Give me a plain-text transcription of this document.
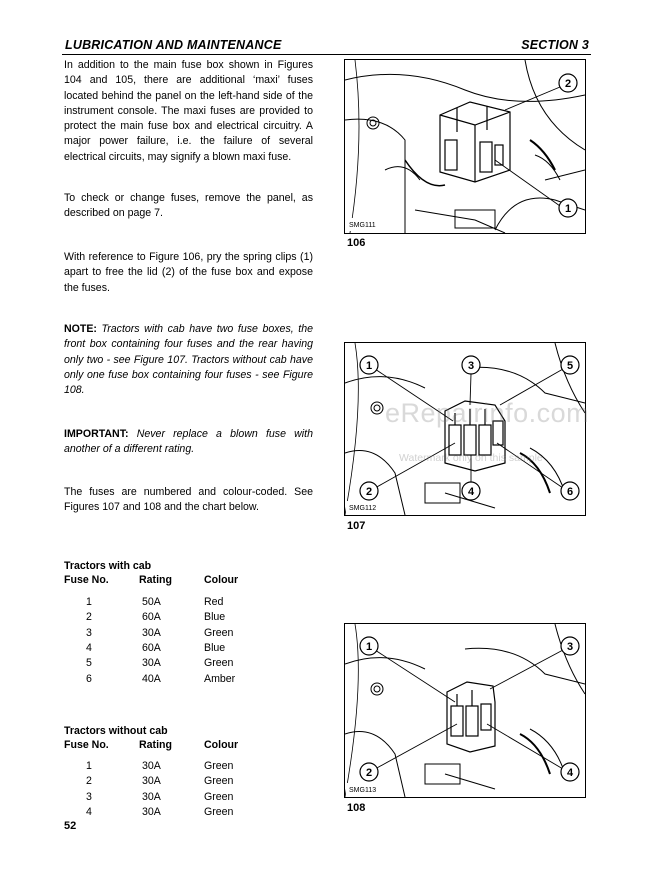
LUBRICATION AND MAINTENANCE	SECTION 3

In addition to the main fuse box shown in Figures 104 and 105, there are additional ‘maxi’ fuses located behind the panel on the left-hand side of the instrument console. The maxi fuses are provided to protect the main fuse box and electrical circuitry. A major power failure, i.e. the failure of several electrical circuits, may signify a blown maxi fuse.

To check or change fuses, remove the panel, as described on page 7.

With reference to Figure 106, pry the spring clips (1) apart to free the lid (2) of the fuse box and expose the fuses.

NOTE: Tractors with cab have two fuse boxes, the front box containing four fuses and the rear having only two - see Figure 107. Tractors without cab have only one fuse box containing four fuses - see Figure 108.

IMPORTANT: Never replace a blown fuse with another of a different rating.

The fuses are numbered and colour-coded. See Figures 107 and 108 and the chart below.

Tractors with cab
Fuse No.	Rating	Colour
1	50A	Red
2	60A	Blue
3	30A	Green
4	60A	Blue
5	30A	Green
6	40A	Amber
Tractors without cab
Fuse No.	Rating	Colour
1	30A	Green
2	30A	Green
3	30A	Green
4	30A	Green
52
2
1
SMG111
106
1	3	5
2	4	6
SMG112
107
1	3
2	4
SMG113
108
eRepairinfo.com
Watermark only on this sample
